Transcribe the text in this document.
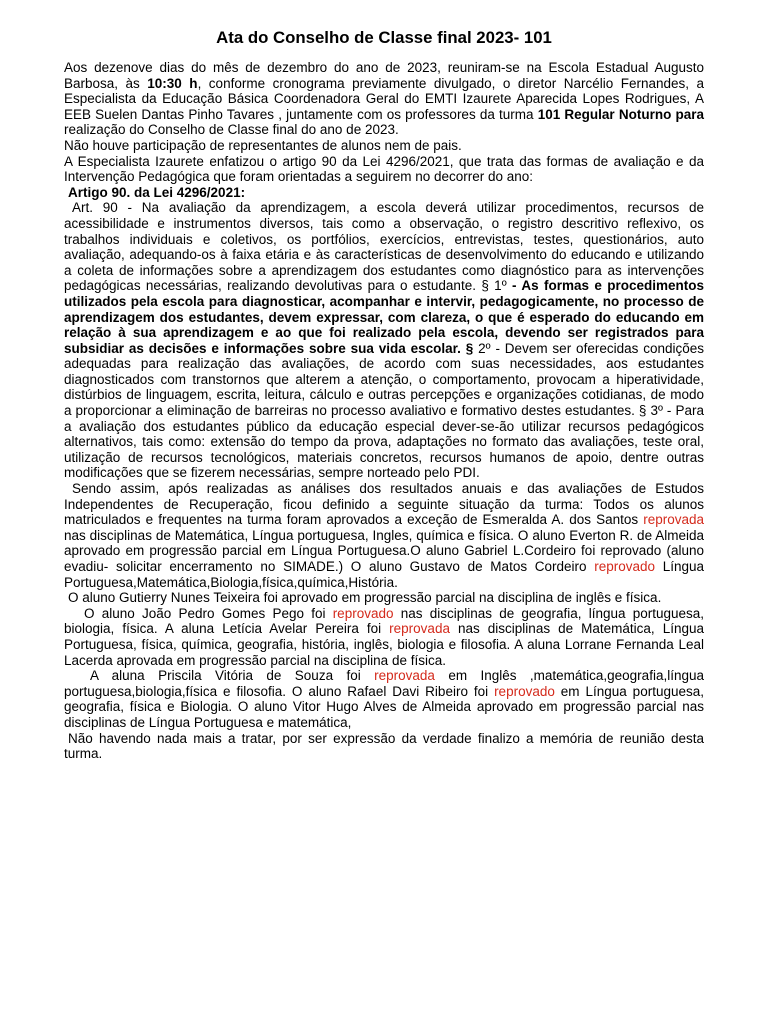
Ata do Conselho de Classe final 2023- 101

Aos dezenove dias do mês de dezembro do ano de 2023, reuniram-se na Escola Estadual Augusto Barbosa, às 10:30 h, conforme cronograma previamente divulgado, o diretor Narcélio Fernandes, a Especialista da Educação Básica Coordenadora Geral do EMTI Izaurete Aparecida Lopes Rodrigues, A EEB Suelen Dantas Pinho Tavares , juntamente com os professores da turma 101 Regular Noturno para realização do Conselho de Classe final do ano de 2023.

Não houve participação de representantes de alunos nem de pais.

A Especialista Izaurete enfatizou o artigo 90 da Lei 4296/2021, que trata das formas de avaliação e da Intervenção Pedagógica que foram orientadas a seguirem no decorrer do ano:

Artigo 90. da Lei 4296/2021:

Art. 90 - Na avaliação da aprendizagem, a escola deverá utilizar procedimentos, recursos de acessibilidade e instrumentos diversos, tais como a observação, o registro descritivo reflexivo, os trabalhos individuais e coletivos, os portfólios, exercícios, entrevistas, testes, questionários, auto avaliação, adequando-os à faixa etária e às características de desenvolvimento do educando e utilizando a coleta de informações sobre a aprendizagem dos estudantes como diagnóstico para as intervenções pedagógicas necessárias, realizando devolutivas para o estudante. § 1º - As formas e procedimentos utilizados pela escola para diagnosticar, acompanhar e intervir, pedagogicamente, no processo de aprendizagem dos estudantes, devem expressar, com clareza, o que é esperado do educando em relação à sua aprendizagem e ao que foi realizado pela escola, devendo ser registrados para subsidiar as decisões e informações sobre sua vida escolar. § 2º - Devem ser oferecidas condições adequadas para realização das avaliações, de acordo com suas necessidades, aos estudantes diagnosticados com transtornos que alterem a atenção, o comportamento, provocam a hiperatividade, distúrbios de linguagem, escrita, leitura, cálculo e outras percepções e organizações cotidianas, de modo a proporcionar a eliminação de barreiras no processo avaliativo e formativo destes estudantes. § 3º - Para a avaliação dos estudantes público da educação especial dever-se-ão utilizar recursos pedagógicos alternativos, tais como: extensão do tempo da prova, adaptações no formato das avaliações, teste oral, utilização de recursos tecnológicos, materiais concretos, recursos humanos de apoio, dentre outras modificações que se fizerem necessárias, sempre norteado pelo PDI.

Sendo assim, após realizadas as análises dos resultados anuais e das avaliações de Estudos Independentes de Recuperação, ficou definido a seguinte situação da turma: Todos os alunos matriculados e frequentes na turma foram aprovados a exceção de Esmeralda A. dos Santos reprovada nas disciplinas de Matemática, Língua portuguesa, Ingles, química e física. O aluno Everton R. de Almeida aprovado em progressão parcial em Língua Portuguesa.O aluno Gabriel L.Cordeiro foi reprovado (aluno evadiu- solicitar encerramento no SIMADE.) O aluno Gustavo de Matos Cordeiro reprovado Língua Portuguesa,Matemática,Biologia,física,química,História.

O aluno Gutierry Nunes Teixeira foi aprovado em progressão parcial na disciplina de inglês e física.

O aluno João Pedro Gomes Pego foi reprovado nas disciplinas de geografia, língua portuguesa, biologia, física. A aluna Letícia Avelar Pereira foi reprovada nas disciplinas de Matemática, Língua Portuguesa, física, química, geografia, história, inglês, biologia e filosofia. A aluna Lorrane Fernanda Leal Lacerda aprovada em progressão parcial na disciplina de física.

A aluna Priscila Vitória de Souza foi reprovada em Inglês ,matemática,geografia,língua portuguesa,biologia,física e filosofia. O aluno Rafael Davi Ribeiro foi reprovado em Língua portuguesa, geografia, física e Biologia. O aluno Vitor Hugo Alves de Almeida aprovado em progressão parcial nas disciplinas de Língua Portuguesa e matemática,

Não havendo nada mais a tratar, por ser expressão da verdade finalizo a memória de reunião desta turma.
